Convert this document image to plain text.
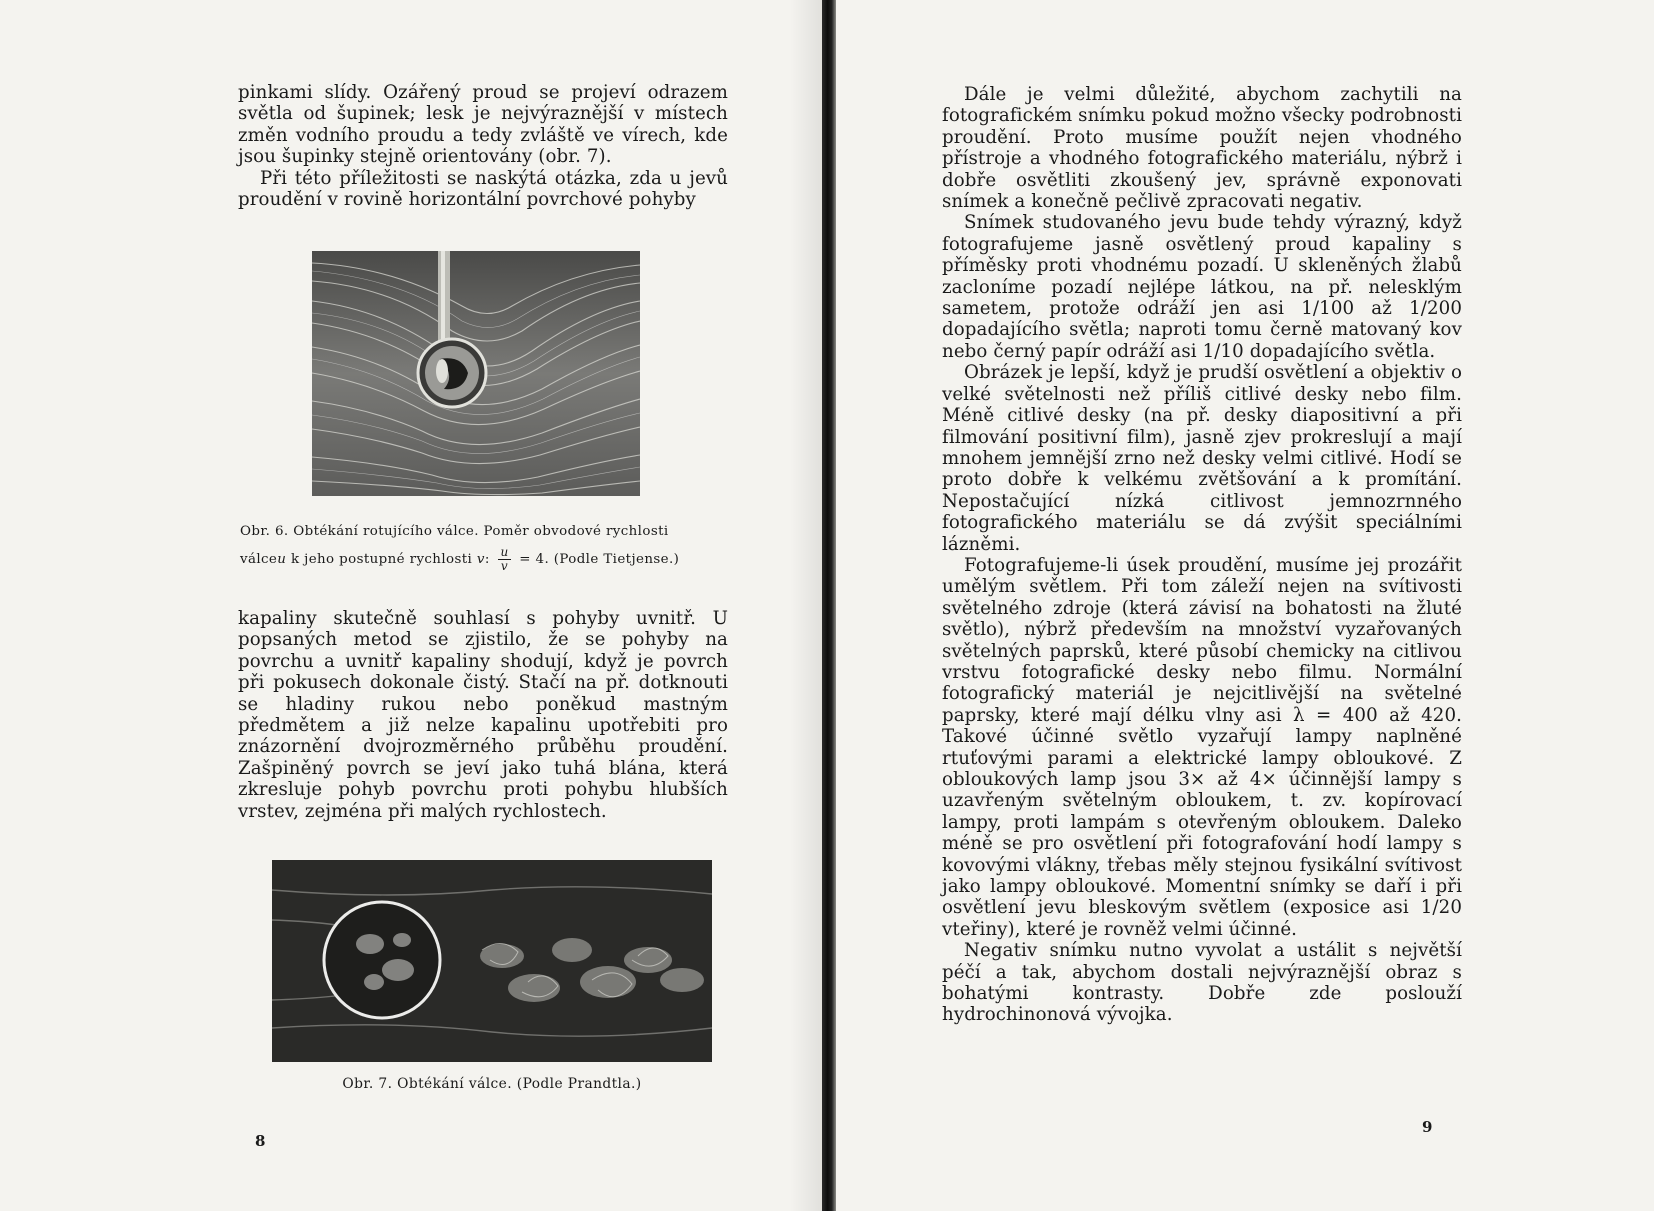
pinkami slídy. Ozářený proud se projeví odrazem světla od šupinek; lesk je nejvýraznější v místech změn vodního proudu a tedy zvláště ve vírech, kde jsou šupinky stejně orientovány (obr. 7).

Při této příležitosti se naskýtá otázka, zda u jevů proudění v rovině horizontální povrchové pohyby

Obr. 6. Obtékání rotujícího válce. Poměr obvodové rychlosti
válceu k jeho postupné rychlosti v: $\frac{u}{v} = 4$. (Podle Tietjense.)

kapaliny skutečně souhlasí s pohyby uvnitř. U popsaných metod se zjistilo, že se pohyby na povrchu a uvnitř kapaliny shodují, když je povrch při pokusech dokonale čistý. Stačí na př. dotknouti se hladiny rukou nebo poněkud mastným předmětem a již nelze kapalinu upotřebiti pro znázornění dvojrozměrného průběhu proudění. Zašpiněný povrch se jeví jako tuhá blána, která zkresluje pohyb povrchu proti pohybu hlubších vrstev, zejména při malých rychlostech.

Obr. 7. Obtékání válce. (Podle Prandtla.)
8

Dále je velmi důležité, abychom zachytili na fotografickém snímku pokud možno všecky podrobnosti proudění. Proto musíme použít nejen vhodného přístroje a vhodného fotografického materiálu, nýbrž i dobře osvětliti zkoušený jev, správně exponovati snímek a konečně pečlivě zpracovati negativ.

Snímek studovaného jevu bude tehdy výrazný, když fotografujeme jasně osvětlený proud kapaliny s příměsky proti vhodnému pozadí. U skleněných žlabů zacloníme pozadí nejlépe látkou, na př. nelesklým sametem, protože odráží jen asi 1/100 až 1/200 dopadajícího světla; naproti tomu černě matovaný kov nebo černý papír odráží asi 1/10 dopadajícího světla.

Obrázek je lepší, když je prudší osvětlení a objektiv o velké světelnosti než příliš citlivé desky nebo film. Méně citlivé desky (na př. desky diapositivní a při filmování positivní film), jasně zjev prokreslují a mají mnohem jemnější zrno než desky velmi citlivé. Hodí se proto dobře k velkému zvětšování a k promítání. Nepostačující nízká citlivost jemnozrnného fotografického materiálu se dá zvýšit speciálními lázněmi.

Fotografujeme-li úsek proudění, musíme jej prozářit umělým světlem. Při tom záleží nejen na svítivosti světelného zdroje (která závisí na bohatosti na žluté světlo), nýbrž především na množství vyzařovaných světelných paprsků, které působí chemicky na citlivou vrstvu fotografické desky nebo filmu. Normální fotografický materiál je nejcitlivější na světelné paprsky, které mají délku vlny asi λ = 400 až 420. Takové účinné světlo vyzařují lampy naplněné rtuťovými parami a elektrické lampy obloukové. Z obloukových lamp jsou 3× až 4× účinnější lampy s uzavřeným světelným obloukem, t. zv. kopírovací lampy, proti lampám s otevřeným obloukem. Daleko méně se pro osvětlení při fotografování hodí lampy s kovovými vlákny, třebas měly stejnou fysikální svítivost jako lampy obloukové. Momentní snímky se daří i při osvětlení jevu bleskovým světlem (exposice asi 1/20 vteřiny), které je rovněž velmi účinné.

Negativ snímku nutno vyvolat a ustálit s největší péčí a tak, abychom dostali nejvýraznější obraz s bohatými kontrasty. Dobře zde poslouží hydrochinonová vývojka.

9
